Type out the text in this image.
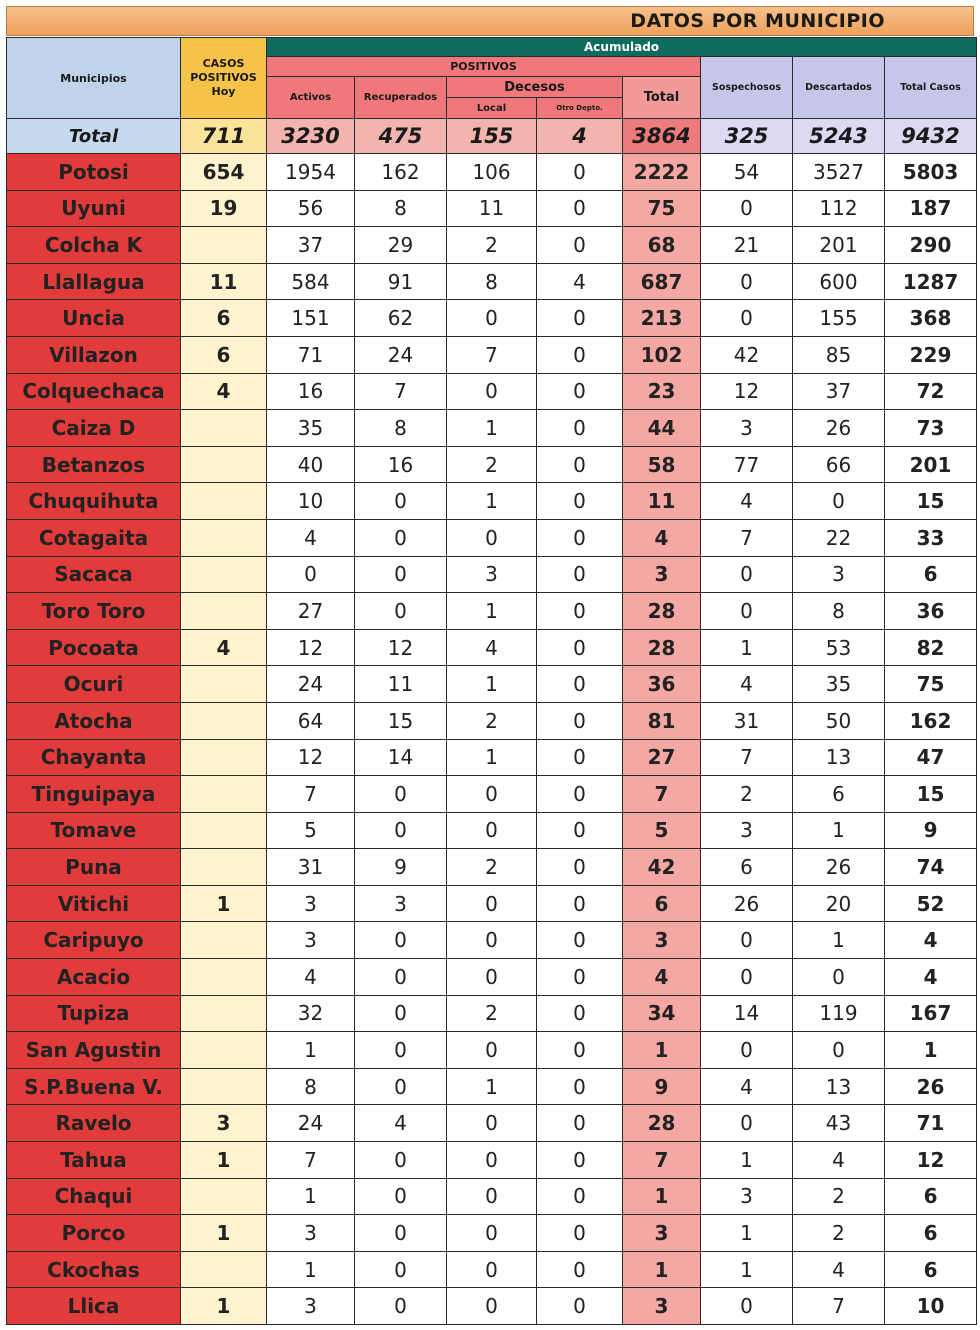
DATOS POR MUNICIPIO
Municipios	CASOS
POSITIVOS
Hoy	Acumulado							
		POSITIVOS					Sospechosos	Descartados	Total Casos
		Activos	Recuperados	Decesos		Total			
				Local	Otro Depto.				
Total	711	3230	475	155	4	3864	325	5243	9432
Potosi	654	1954	162	106	0	2222	54	3527	5803
Uyuni	19	56	8	11	0	75	0	112	187
Colcha K		37	29	2	0	68	21	201	290
Llallagua	11	584	91	8	4	687	0	600	1287
Uncia	6	151	62	0	0	213	0	155	368
Villazon	6	71	24	7	0	102	42	85	229
Colquechaca	4	16	7	0	0	23	12	37	72
Caiza D		35	8	1	0	44	3	26	73
Betanzos		40	16	2	0	58	77	66	201
Chuquihuta		10	0	1	0	11	4	0	15
Cotagaita		4	0	0	0	4	7	22	33
Sacaca		0	0	3	0	3	0	3	6
Toro Toro		27	0	1	0	28	0	8	36
Pocoata	4	12	12	4	0	28	1	53	82
Ocuri		24	11	1	0	36	4	35	75
Atocha		64	15	2	0	81	31	50	162
Chayanta		12	14	1	0	27	7	13	47
Tinguipaya		7	0	0	0	7	2	6	15
Tomave		5	0	0	0	5	3	1	9
Puna		31	9	2	0	42	6	26	74
Vitichi	1	3	3	0	0	6	26	20	52
Caripuyo		3	0	0	0	3	0	1	4
Acacio		4	0	0	0	4	0	0	4
Tupiza		32	0	2	0	34	14	119	167
San Agustin		1	0	0	0	1	0	0	1
S.P.Buena V.		8	0	1	0	9	4	13	26
Ravelo	3	24	4	0	0	28	0	43	71
Tahua	1	7	0	0	0	7	1	4	12
Chaqui		1	0	0	0	1	3	2	6
Porco	1	3	0	0	0	3	1	2	6
Ckochas		1	0	0	0	1	1	4	6
Llica	1	3	0	0	0	3	0	7	10
